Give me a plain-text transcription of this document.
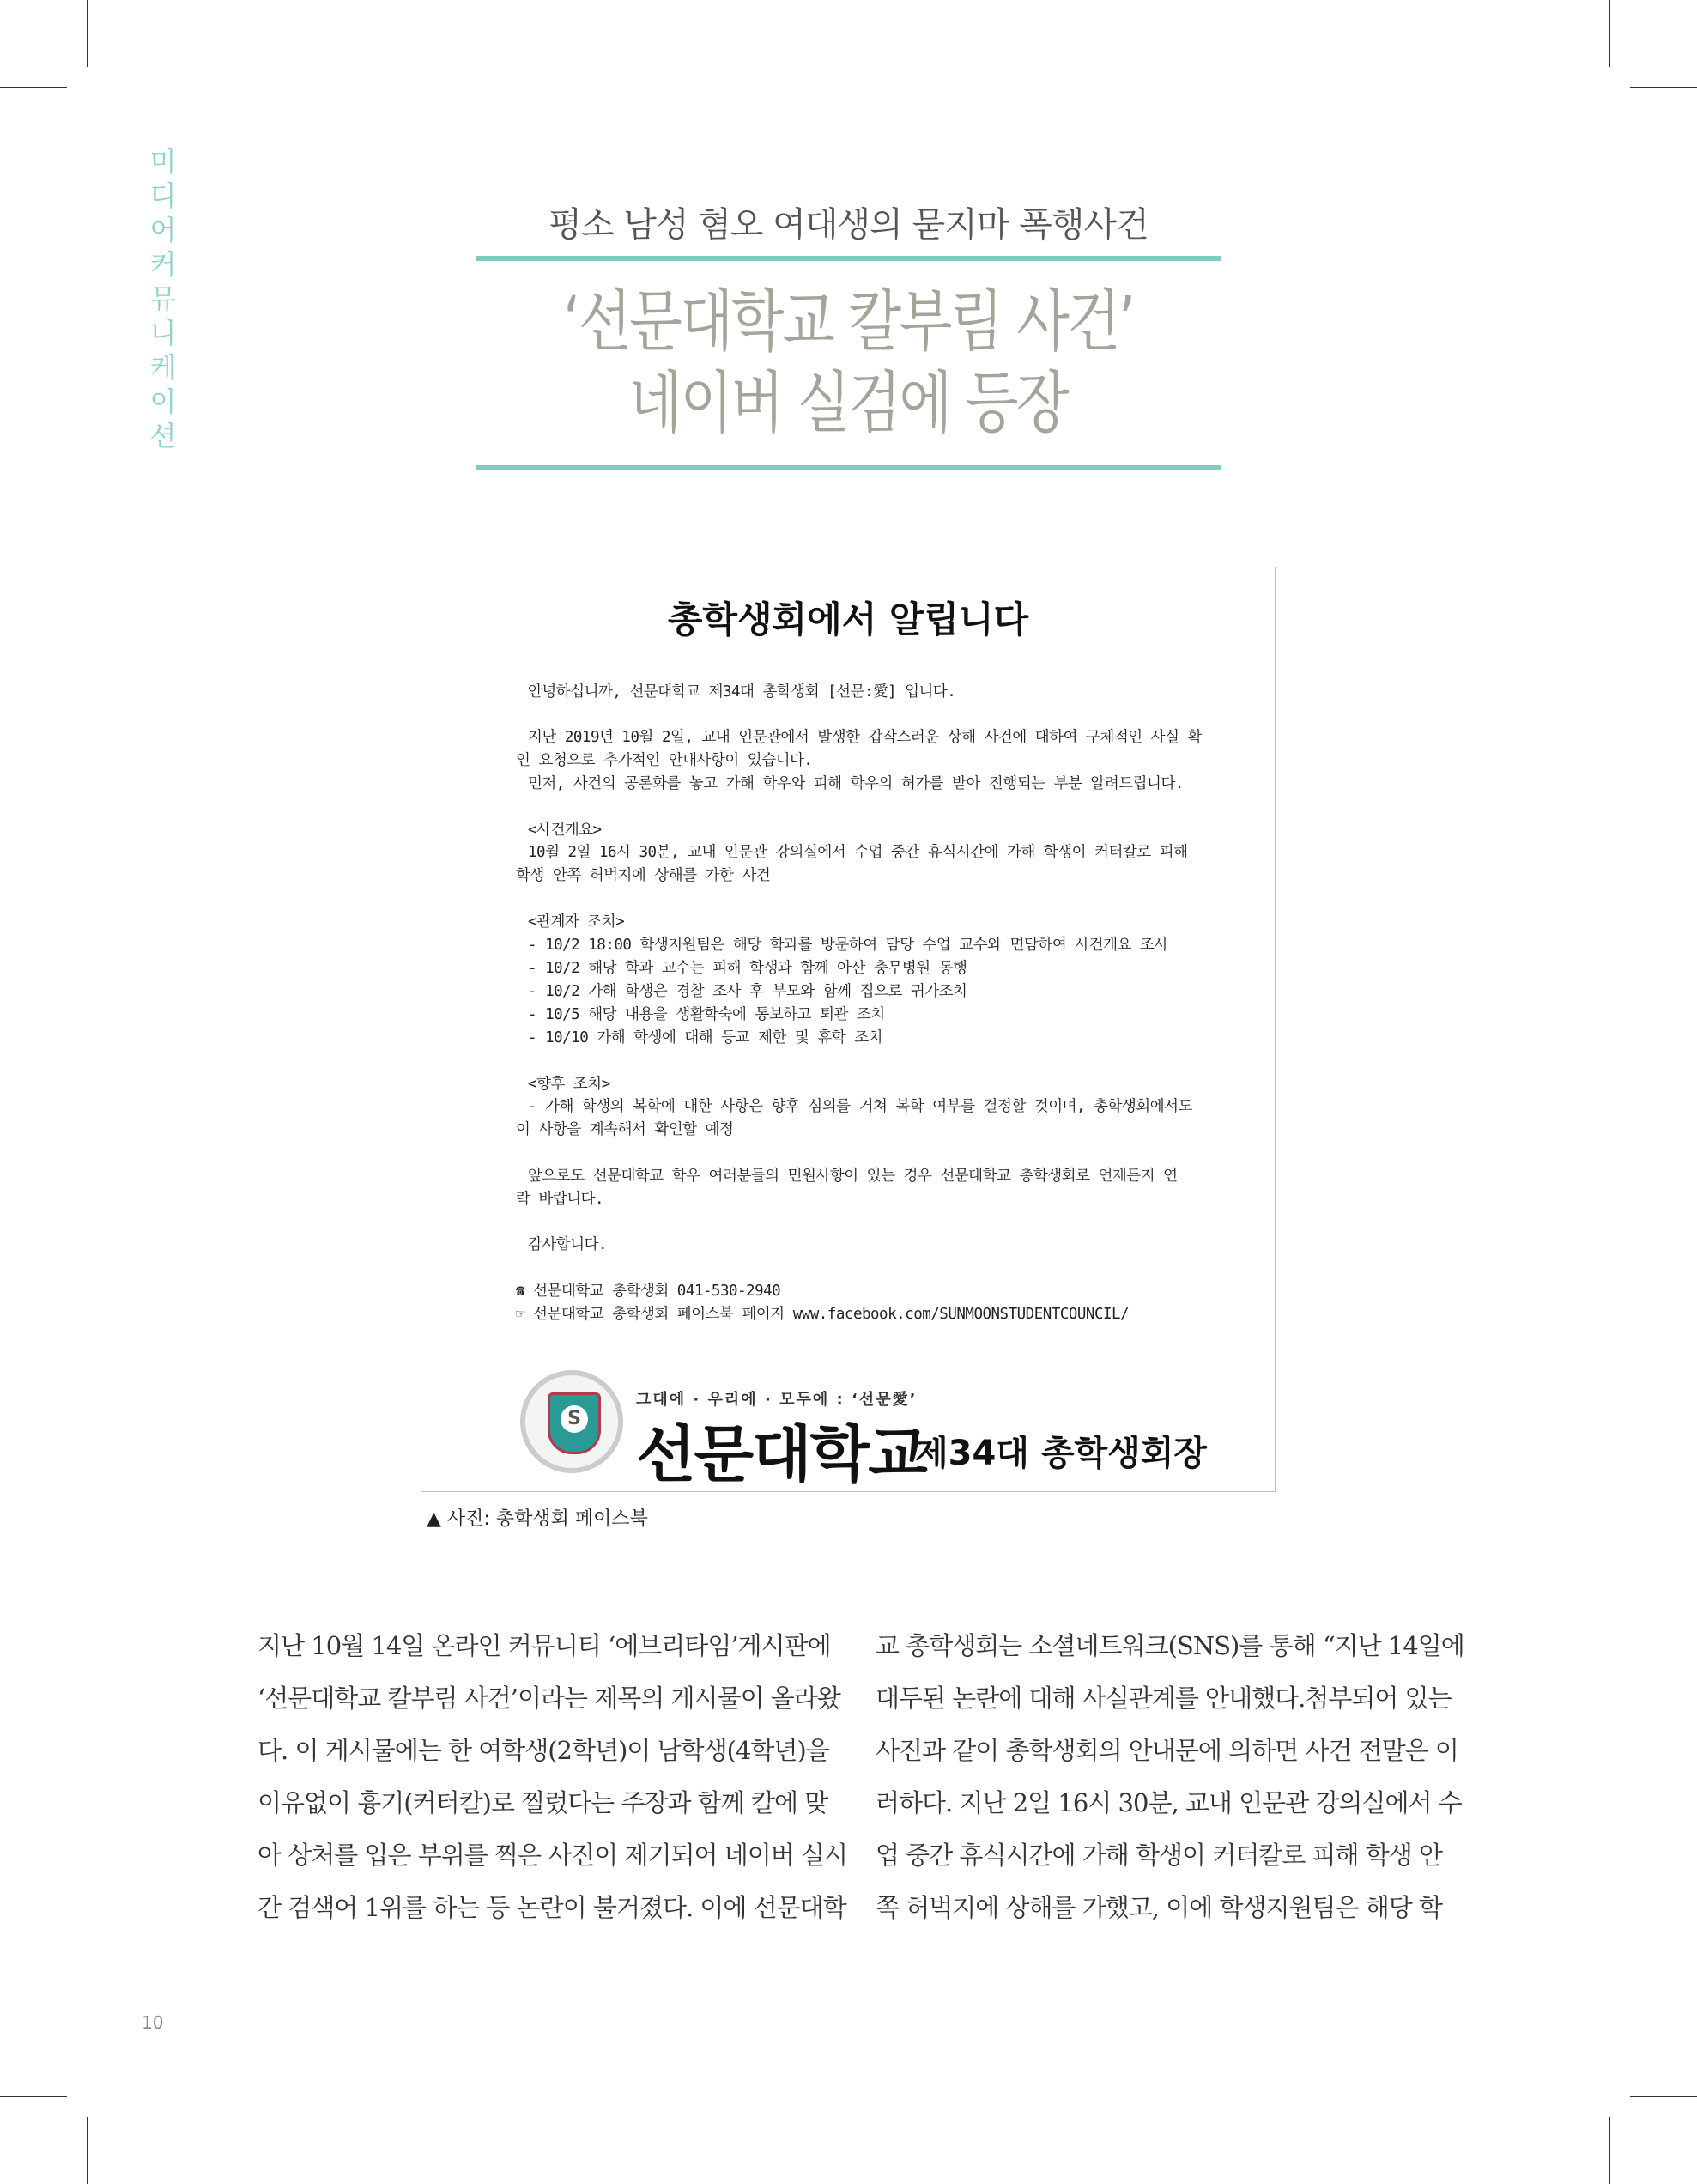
미
디
어
커
뮤
니
케
이
션
평소 남성 혐오 여대생의 묻지마 폭행사건
‘선문대학교 칼부림 사건’
네이버 실검에 등장
총학생회에서 알립니다
안녕하십니까, 선문대학교 제34대 총학생회 [선문:愛] 입니다.
지난 2019년 10월 2일, 교내 인문관에서 발생한 갑작스러운 상해 사건에 대하여 구체적인 사실 확
인 요청으로 추가적인 안내사항이 있습니다.
먼저, 사건의 공론화를 놓고 가해 학우와 피해 학우의 허가를 받아 진행되는 부분 알려드립니다.
<사건개요>
10월 2일 16시 30분, 교내 인문관 강의실에서 수업 중간 휴식시간에 가해 학생이 커터칼로 피해
학생 안쪽 허벅지에 상해를 가한 사건
<관계자 조치>
- 10/2 18:00 학생지원팀은 해당 학과를 방문하여 담당 수업 교수와 면담하여 사건개요 조사
- 10/2 해당 학과 교수는 피해 학생과 함께 아산 충무병원 동행
- 10/2 가해 학생은 경찰 조사 후 부모와 함께 집으로 귀가조치
- 10/5 해당 내용을 생활학숙에 통보하고 퇴관 조치
- 10/10 가해 학생에 대해 등교 제한 및 휴학 조치
<향후 조치>
- 가해 학생의 복학에 대한 사항은 향후 심의를 거쳐 복학 여부를 결정할 것이며, 총학생회에서도
이 사항을 계속해서 확인할 예정
앞으로도 선문대학교 학우 여러분들의 민원사항이 있는 경우 선문대학교 총학생회로 언제든지 연
락 바랍니다.
감사합니다.
☎ 선문대학교 총학생회 041-530-2940
☞ 선문대학교 총학생회 페이스북 페이지 www.facebook.com/SUNMOONSTUDENTCOUNCIL/
S
그대에 · 우리에 · 모두에 : ‘선문愛’
선문대학교
제34대 총학생회장
▲ 사진: 총학생회 페이스북
지난 10월 14일 온라인 커뮤니티 ‘에브리타임’게시판에
‘선문대학교 칼부림 사건’이라는 제목의 게시물이 올라왔
다. 이 게시물에는 한 여학생(2학년)이 남학생(4학년)을
이유없이 흉기(커터칼)로 찔렀다는 주장과 함께 칼에 맞
아 상처를 입은 부위를 찍은 사진이 제기되어 네이버 실시
간 검색어 1위를 하는 등 논란이 불거졌다. 이에 선문대학
교 총학생회는 소셜네트워크(SNS)를 통해 “지난 14일에
대두된 논란에 대해 사실관계를 안내했다.첨부되어 있는
사진과 같이 총학생회의 안내문에 의하면 사건 전말은 이
러하다. 지난 2일 16시 30분, 교내 인문관 강의실에서 수
업 중간 휴식시간에 가해 학생이 커터칼로 피해 학생 안
쪽 허벅지에 상해를 가했고, 이에 학생지원팀은 해당 학
10
